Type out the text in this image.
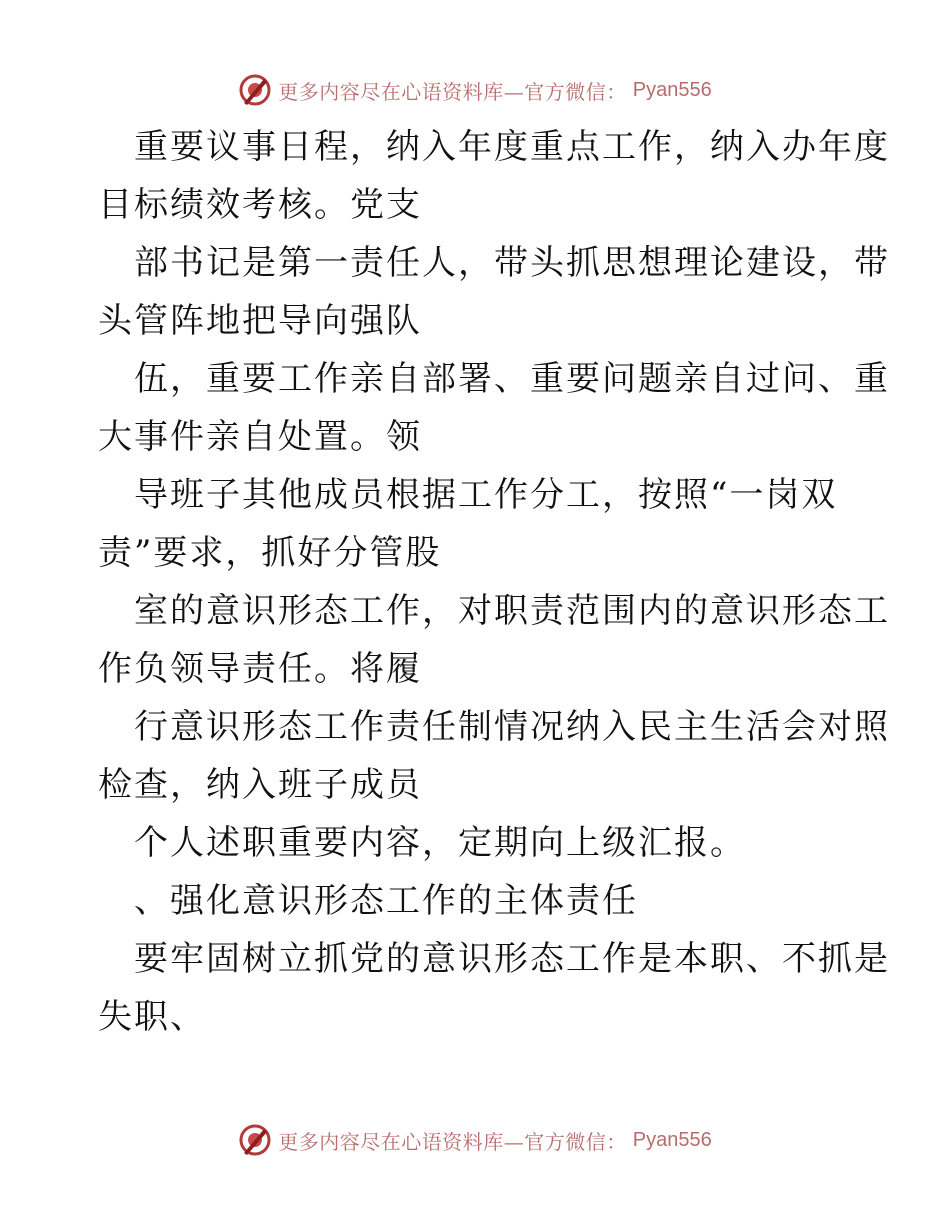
更多内容尽在心语资料库—官方微信： Pyan556
重要议事日程，纳入年度重点工作，纳入办年度
目标绩效考核。党支
部书记是第一责任人，带头抓思想理论建设，带
头管阵地把导向强队
伍，重要工作亲自部署、重要问题亲自过问、重
大事件亲自处置。领
导班子其他成员根据工作分工，按照“一岗双
责”要求，抓好分管股
室的意识形态工作，对职责范围内的意识形态工
作负领导责任。将履
行意识形态工作责任制情况纳入民主生活会对照
检查，纳入班子成员
个人述职重要内容，定期向上级汇报。
、强化意识形态工作的主体责任
要牢固树立抓党的意识形态工作是本职、不抓是
失职、
更多内容尽在心语资料库—官方微信： Pyan556
